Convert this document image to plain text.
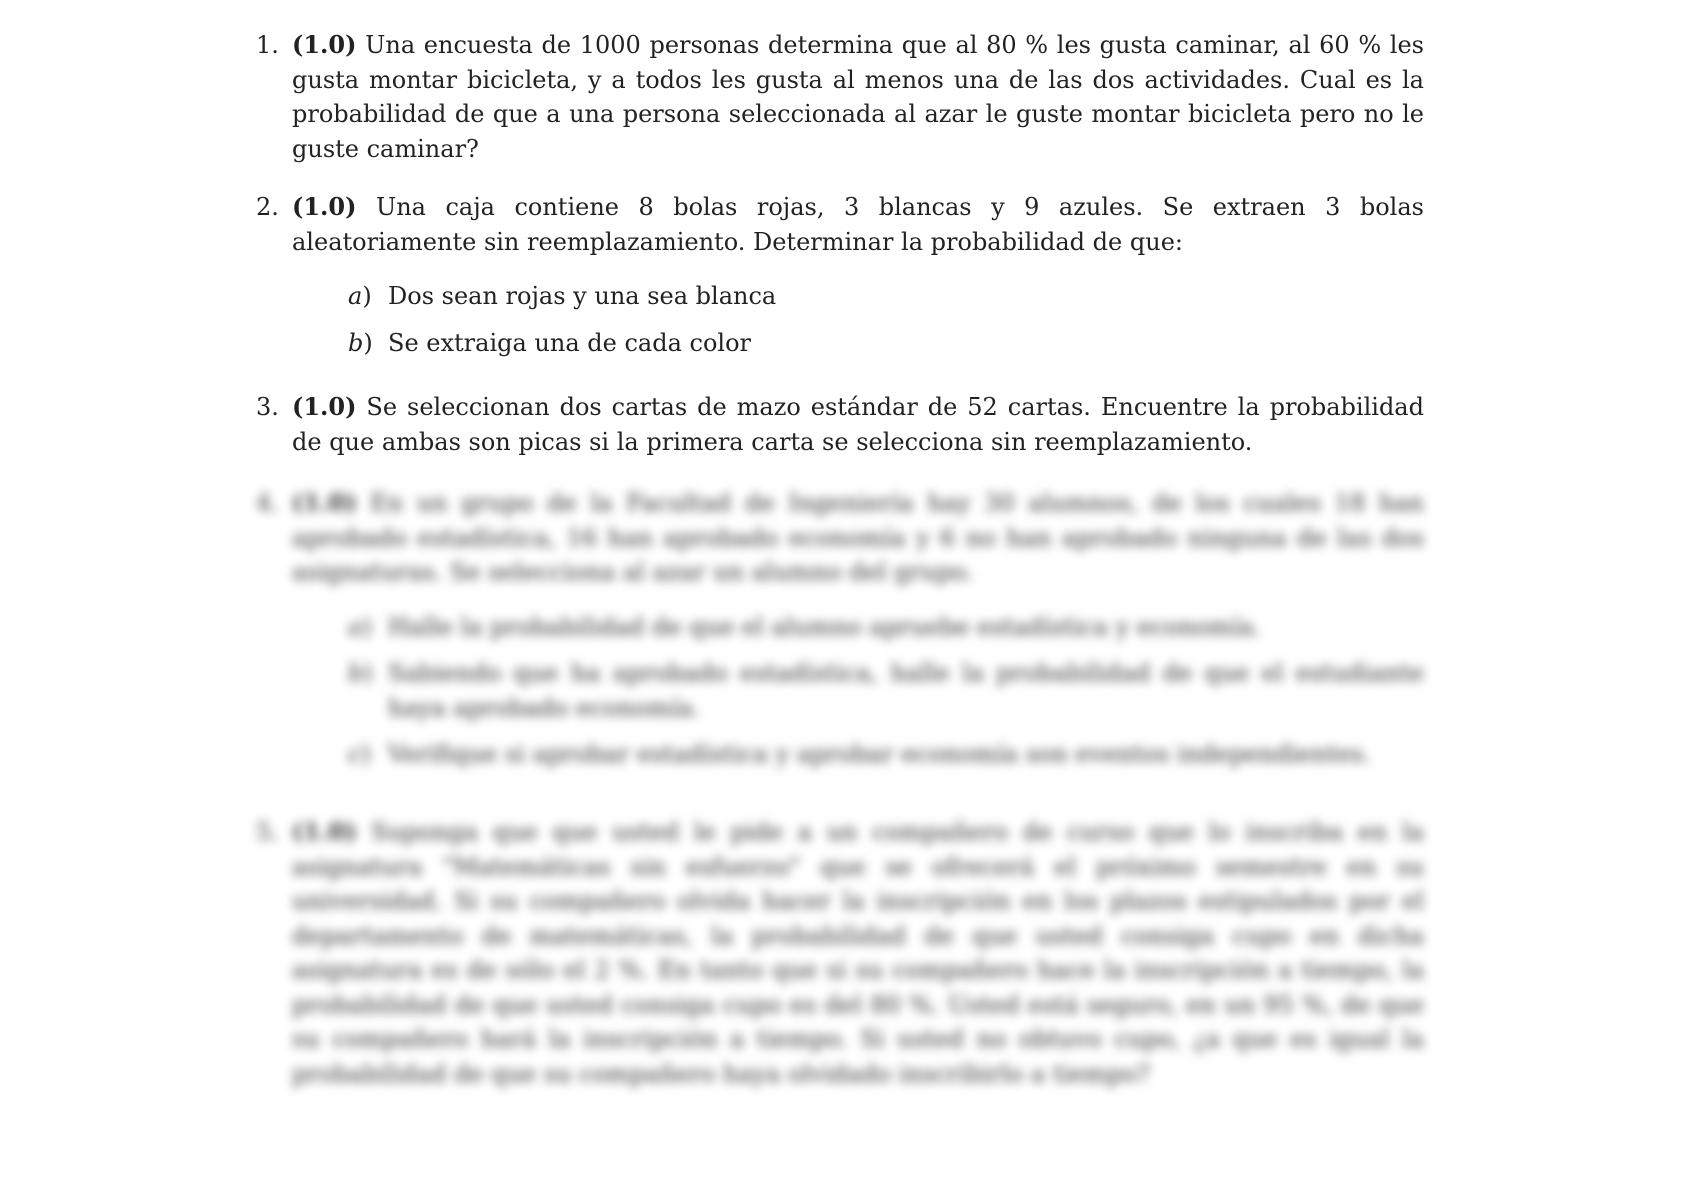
1. (1.0) Una encuesta de 1000 personas determina que al 80 % les gusta caminar, al 60 % les gusta montar bicicleta, y a todos les gusta al menos una de las dos actividades. Cual es la probabilidad de que a una persona seleccionada al azar le guste montar bicicleta pero no le guste caminar?
2. (1.0) Una caja contiene 8 bolas rojas, 3 blancas y 9 azules. Se extraen 3 bolas aleatoriamente sin reemplazamiento. Determinar la probabilidad de que:
a) Dos sean rojas y una sea blanca
b) Se extraiga una de cada color
3. (1.0) Se seleccionan dos cartas de mazo estándar de 52 cartas. Encuentre la probabilidad de que ambas son picas si la primera carta se selecciona sin reemplazamiento.
4. (1.0) En un grupo de la Facultad de Ingeniería hay 30 alumnos, de los cuales 18 han aprobado estadística, 16 han aprobado economía y 6 no han aprobado ninguna de las dos asignaturas. Se selecciona al azar un alumno del grupo.
a) Halle la probabilidad de que el alumno apruebe estadística y economía.
b) Sabiendo que ha aprobado estadística, halle la probabilidad de que el estudiante haya aprobado economía.
c) Verifique si aprobar estadística y aprobar economía son eventos independientes.
5. (1.0) Suponga que que usted le pide a un compañero de curso que lo inscriba en la asignatura "Matemáticas sin esfuerzo" que se ofrecerá el próximo semestre en su universidad. Si su compañero olvida hacer la inscripción en los plazos estipulados por el departamento de matemáticas, la probabilidad de que usted consiga cupo en dicha asignatura es de sólo el 2 %. En tanto que si su compañero hace la inscripción a tiempo, la probabilidad de que usted consiga cupo es del 80 %. Usted está seguro, en un 95 %, de que su compañero hará la inscripción a tiempo. Si usted no obtuvo cupo, ¿a que es igual la probabilidad de que su compañero haya olvidado inscribirlo a tiempo?
